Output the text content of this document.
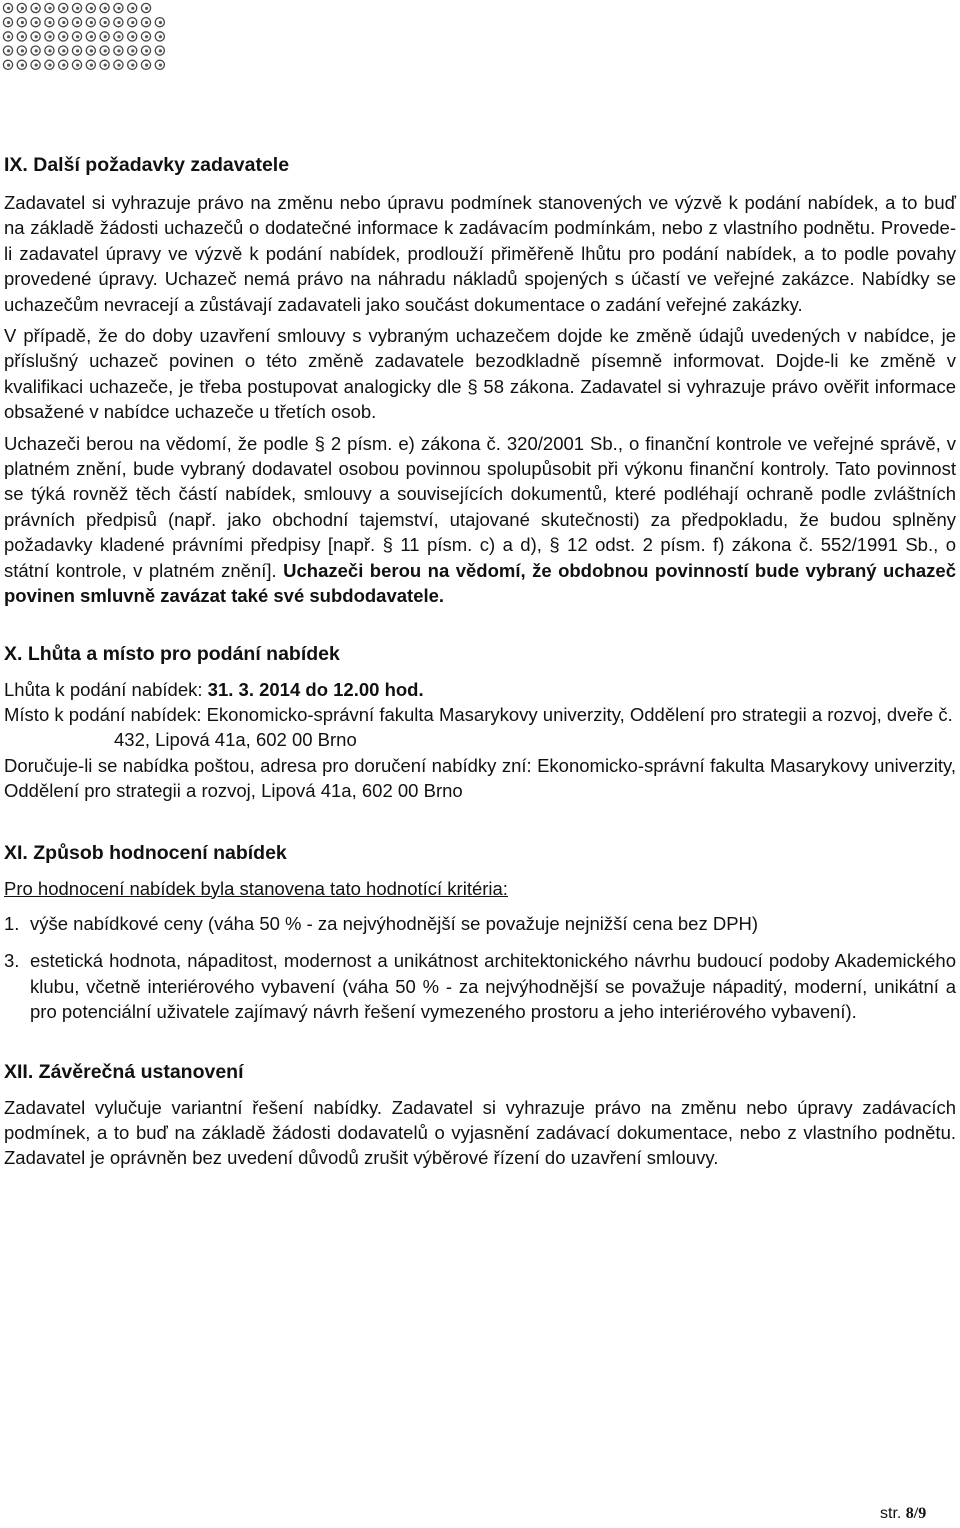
IX. Další požadavky zadavatele

Zadavatel si vyhrazuje právo na změnu nebo úpravu podmínek stanovených ve výzvě k podání nabídek, a to buď na základě žádosti uchazečů o dodatečné informace k zadávacím podmínkám, nebo z vlastního podnětu. Provede-li zadavatel úpravy ve výzvě k podání nabídek, prodlouží přiměřeně lhůtu pro podání nabídek, a to podle povahy provedené úpravy. Uchazeč nemá právo na náhradu nákladů spojených s účastí ve veřejné zakázce. Nabídky se uchazečům nevracejí a zůstávají zadavateli jako součást dokumentace o zadání veřejné zakázky.

V případě, že do doby uzavření smlouvy s vybraným uchazečem dojde ke změně údajů uvedených v nabídce, je příslušný uchazeč povinen o této změně zadavatele bezodkladně písemně informovat. Dojde-li ke změně v kvalifikaci uchazeče, je třeba postupovat analogicky dle § 58 zákona. Zadavatel si vyhrazuje právo ověřit informace obsažené v nabídce uchazeče u třetích osob.

Uchazeči berou na vědomí, že podle § 2 písm. e) zákona č. 320/2001 Sb., o finanční kontrole ve veřejné správě, v platném znění, bude vybraný dodavatel osobou povinnou spolupůsobit při výkonu finanční kontroly. Tato povinnost se týká rovněž těch částí nabídek, smlouvy a souvisejících dokumentů, které podléhají ochraně podle zvláštních právních předpisů (např. jako obchodní tajemství, utajované skutečnosti) za předpokladu, že budou splněny požadavky kladené právními předpisy [např. § 11 písm. c) a d), § 12 odst. 2 písm. f) zákona č. 552/1991 Sb., o státní kontrole, v platném znění]. Uchazeči berou na vědomí, že obdobnou povinností bude vybraný uchazeč povinen smluvně zavázat také své subdodavatele.

X. Lhůta a místo pro podání nabídek

Lhůta k podání nabídek: 31. 3. 2014 do 12.00 hod.

Místo k podání nabídek: Ekonomicko-správní fakulta Masarykovy univerzity, Oddělení pro strategii a rozvoj, dveře č. 432, Lipová 41a, 602 00 Brno

Doručuje-li se nabídka poštou, adresa pro doručení nabídky zní: Ekonomicko-správní fakulta Masarykovy univerzity, Oddělení pro strategii a rozvoj, Lipová 41a, 602 00 Brno

XI. Způsob hodnocení nabídek

Pro hodnocení nabídek byla stanovena tato hodnotící kritéria:

1. výše nabídkové ceny (váha 50 % - za nejvýhodnější se považuje nejnižší cena bez DPH)
3. estetická hodnota, nápaditost, modernost a unikátnost architektonického návrhu budoucí podoby Akademického klubu, včetně interiérového vybavení (váha 50 % - za nejvýhodnější se považuje nápaditý, moderní, unikátní a pro potenciální uživatele zajímavý návrh řešení vymezeného prostoru a jeho interiérového vybavení).
XII. Závěrečná ustanovení

Zadavatel vylučuje variantní řešení nabídky. Zadavatel si vyhrazuje právo na změnu nebo úpravy zadávacích podmínek, a to buď na základě žádosti dodavatelů o vyjasnění zadávací dokumentace, nebo z vlastního podnětu. Zadavatel je oprávněn bez uvedení důvodů zrušit výběrové řízení do uzavření smlouvy.

str. 8/9
